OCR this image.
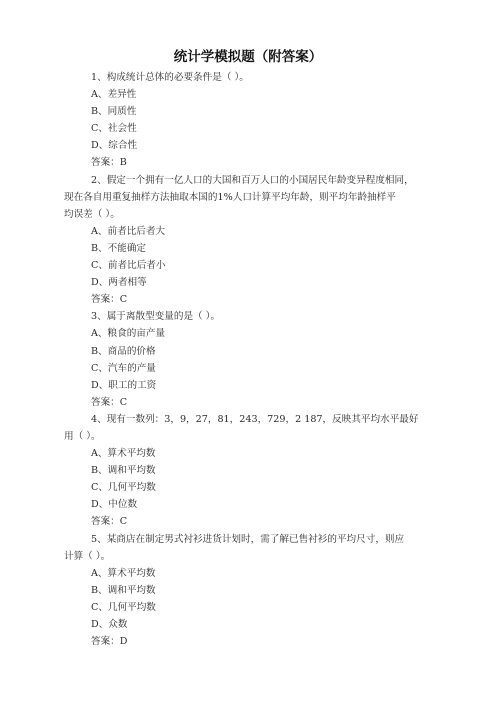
统计学模拟题（附答案）
1、构成统计总体的必要条件是（ ）。
A、差异性
B、同质性
C、社会性
D、综合性
答案：B
2、假定一个拥有一亿人口的大国和百万人口的小国居民年龄变异程度相同，
现在各自用重复抽样方法抽取本国的1%人口计算平均年龄，则平均年龄抽样平
均误差（ ）。
A、前者比后者大
B、不能确定
C、前者比后者小
D、两者相等
答案：C
3、属于离散型变量的是（ ）。
A、粮食的亩产量
B、商品的价格
C、汽车的产量
D、职工的工资
答案：C
4、现有一数列：3，9，27，81，243，729，2 187，反映其平均水平最好
用（ ）。
A、算术平均数
B、调和平均数
C、几何平均数
D、中位数
答案：C
5、某商店在制定男式衬衫进货计划时，需了解已售衬衫的平均尺寸，则应
计算（ ）。
A、算术平均数
B、调和平均数
C、几何平均数
D、众数
答案：D
